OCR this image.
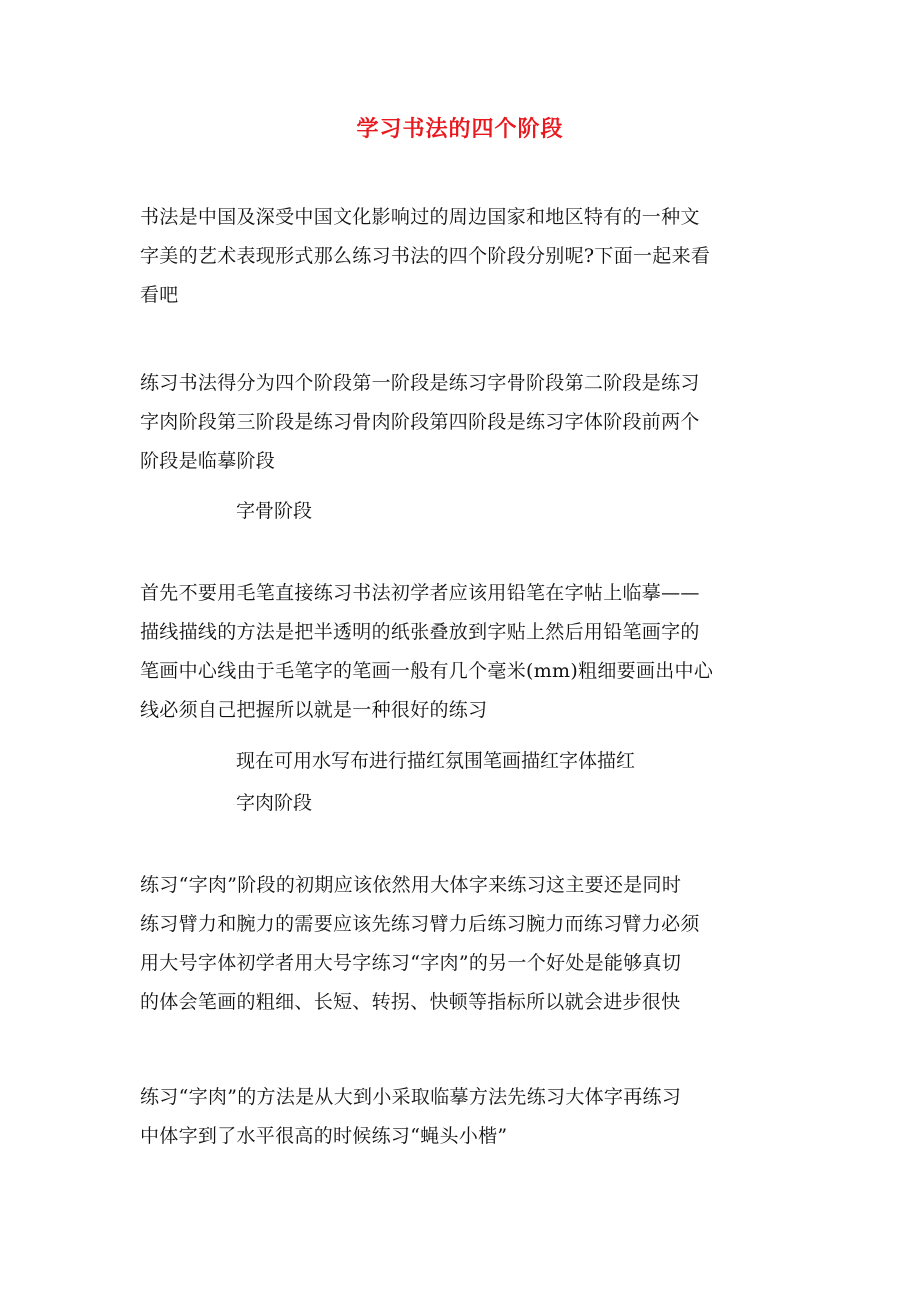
学习书法的四个阶段
书法是中国及深受中国文化影响过的周边国家和地区特有的一种文
字美的艺术表现形式那么练习书法的四个阶段分别呢?下面一起来看
看吧
练习书法得分为四个阶段第一阶段是练习字骨阶段第二阶段是练习
字肉阶段第三阶段是练习骨肉阶段第四阶段是练习字体阶段前两个
阶段是临摹阶段
字骨阶段
首先不要用毛笔直接练习书法初学者应该用铅笔在字帖上临摹——
描线描线的方法是把半透明的纸张叠放到字贴上然后用铅笔画字的
笔画中心线由于毛笔字的笔画一般有几个毫米(mm)粗细要画出中心
线必须自己把握所以就是一种很好的练习
现在可用水写布进行描红氛围笔画描红字体描红
字肉阶段
练习“字肉”阶段的初期应该依然用大体字来练习这主要还是同时
练习臂力和腕力的需要应该先练习臂力后练习腕力而练习臂力必须
用大号字体初学者用大号字练习“字肉”的另一个好处是能够真切
的体会笔画的粗细、长短、转拐、快顿等指标所以就会进步很快
练习“字肉”的方法是从大到小采取临摹方法先练习大体字再练习
中体字到了水平很高的时候练习“蝇头小楷”
